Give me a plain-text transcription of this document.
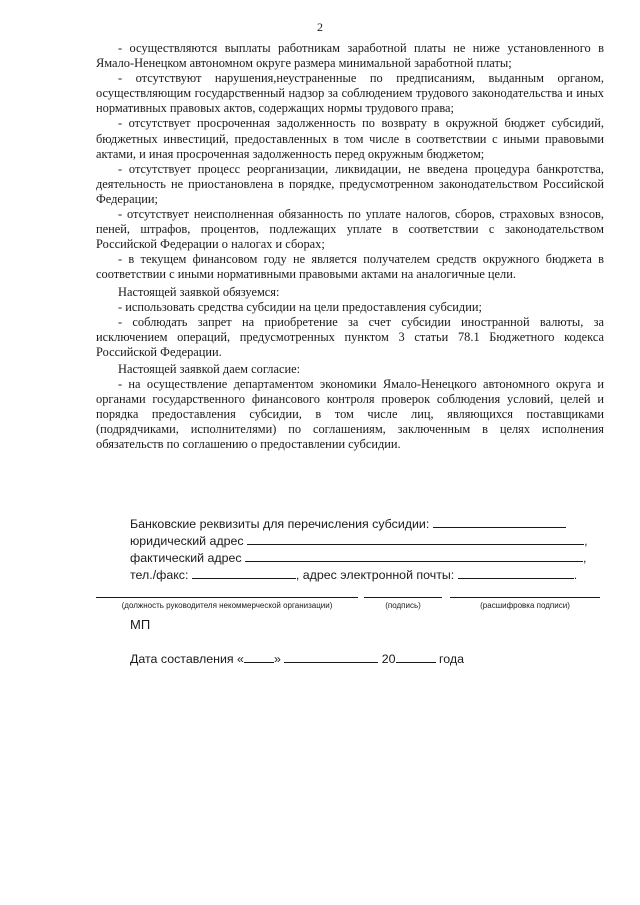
2

- осуществляются выплаты работникам заработной платы не ниже установленного в Ямало-Ненецком автономном округе размера минимальной заработной платы;

- отсутствуют нарушения,неустраненные по предписаниям, выданным органом, осуществляющим государственный надзор за соблюдением трудового законодательства и иных нормативных правовых актов, содержащих нормы трудового права;

- отсутствует просроченная задолженность по возврату в окружной бюджет субсидий, бюджетных инвестиций, предоставленных в том числе в соответствии с иными правовыми актами, и иная просроченная задолженность перед окружным бюджетом;

- отсутствует процесс реорганизации, ликвидации, не введена процедура банкротства, деятельность не приостановлена в порядке, предусмотренном законодательством Российской Федерации;

- отсутствует неисполненная обязанность по уплате налогов, сборов, страховых взносов, пеней, штрафов, процентов, подлежащих уплате в соответствии с законодательством Российской Федерации о налогах и сборах;

- в текущем финансовом году не является получателем средств окружного бюджета в соответствии с иными нормативными правовыми актами на аналогичные цели.

Настоящей заявкой обязуемся:

- использовать средства субсидии на цели предоставления субсидии;

- соблюдать запрет на приобретение за счет субсидии иностранной валюты, за исключением операций, предусмотренных пунктом 3 статьи 78.1 Бюджетного кодекса Российской Федерации.

Настоящей заявкой даем согласие:

- на осуществление департаментом экономики Ямало-Ненецкого автономного округа и органами государственного финансового контроля проверок соблюдения условий, целей и порядка предоставления субсидии, в том числе лиц, являющихся поставщиками (подрядчиками, исполнителями) по соглашениям, заключенным в целях исполнения обязательств по соглашению о предоставлении субсидии.

Банковские реквизиты для перечисления субсидии:
юридический адрес	,
фактический адрес	,
тел./факс:	, адрес электронной почты:	.
(должность руководителя некоммерческой организации)	(подпись)	(расшифровка подписи)
МП
Дата составления « »	20	года
